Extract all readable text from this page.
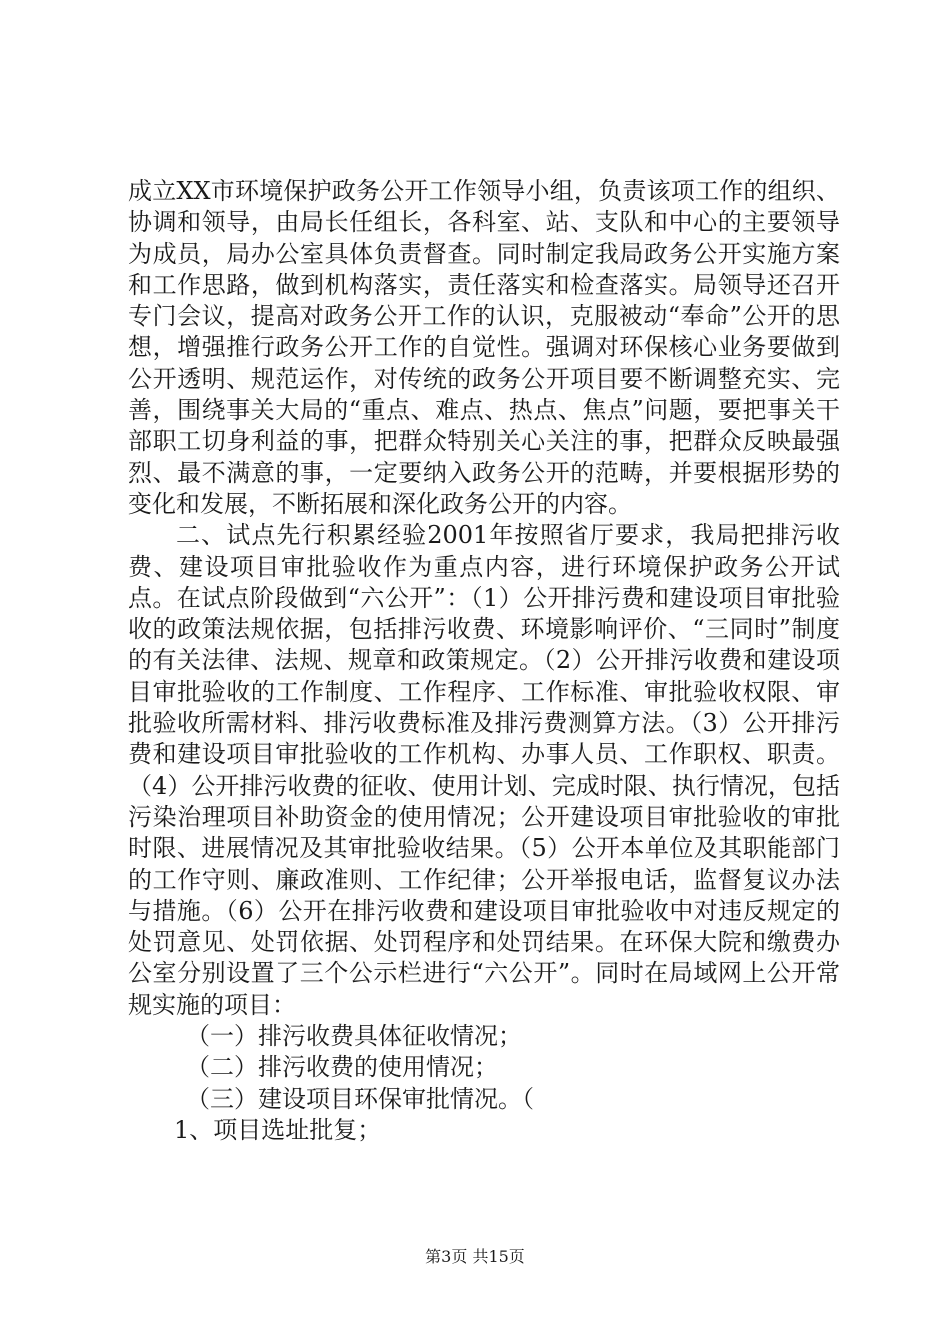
成立XX市环境保护政务公开工作领导小组，负责该项工作的组织、协调和领导，由局长任组长，各科室、站、支队和中心的主要领导为成员，局办公室具体负责督查。同时制定我局政务公开实施方案和工作思路，做到机构落实，责任落实和检查落实。局领导还召开专门会议，提高对政务公开工作的认识，克服被动“奉命”公开的思想，增强推行政务公开工作的自觉性。强调对环保核心业务要做到公开透明、规范运作，对传统的政务公开项目要不断调整充实、完善，围绕事关大局的“重点、难点、热点、焦点”问题，要把事关干部职工切身利益的事，把群众特别关心关注的事，把群众反映最强烈、最不满意的事，一定要纳入政务公开的范畴，并要根据形势的变化和发展，不断拓展和深化政务公开的内容。

二、试点先行积累经验2001年按照省厅要求，我局把排污收费、建设项目审批验收作为重点内容，进行环境保护政务公开试点。在试点阶段做到“六公开”：（1）公开排污费和建设项目审批验收的政策法规依据，包括排污收费、环境影响评价、“三同时”制度的有关法律、法规、规章和政策规定。（2）公开排污收费和建设项目审批验收的工作制度、工作程序、工作标准、审批验收权限、审批验收所需材料、排污收费标准及排污费测算方法。（3）公开排污费和建设项目审批验收的工作机构、办事人员、工作职权、职责。（4）公开排污收费的征收、使用计划、完成时限、执行情况，包括污染治理项目补助资金的使用情况；公开建设项目审批验收的审批时限、进展情况及其审批验收结果。（5）公开本单位及其职能部门的工作守则、廉政准则、工作纪律；公开举报电话，监督复议办法与措施。（6）公开在排污收费和建设项目审批验收中对违反规定的处罚意见、处罚依据、处罚程序和处罚结果。在环保大院和缴费办公室分别设置了三个公示栏进行“六公开”。同时在局域网上公开常规实施的项目：

（一）排污收费具体征收情况；

（二）排污收费的使用情况；

（三）建设项目环保审批情况。（

1、项目选址批复；

第3页 共15页
